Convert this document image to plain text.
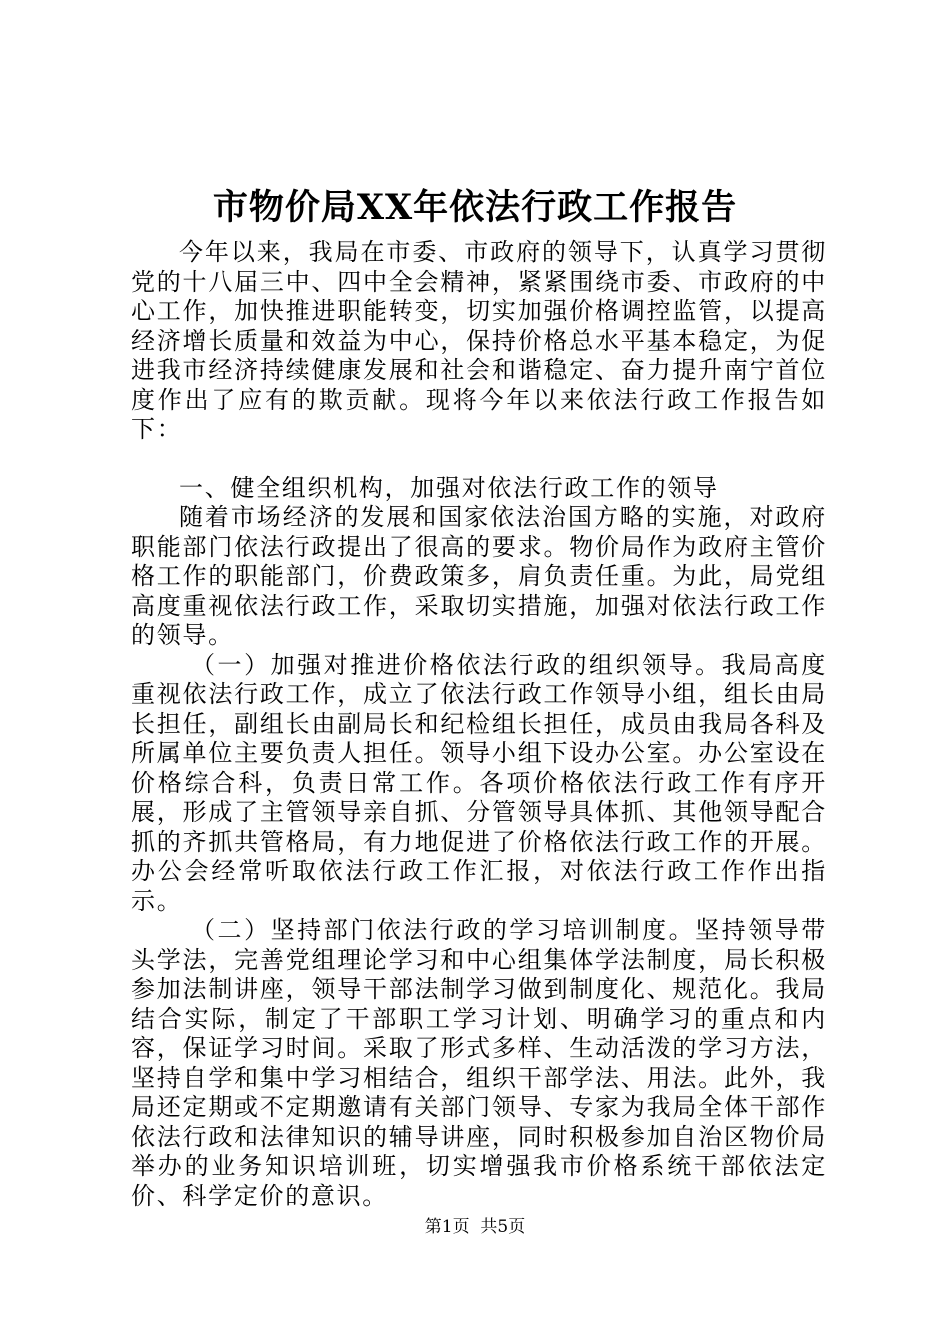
市物价局XX年依法行政工作报告

今年以来，我局在市委、市政府的领导下，认真学习贯彻党的十八届三中、四中全会精神，紧紧围绕市委、市政府的中心工作，加快推进职能转变，切实加强价格调控监管，以提高经济增长质量和效益为中心，保持价格总水平基本稳定，为促进我市经济持续健康发展和社会和谐稳定、奋力提升南宁首位度作出了应有的欺贡献。现将今年以来依法行政工作报告如下：

一、健全组织机构，加强对依法行政工作的领导

随着市场经济的发展和国家依法治国方略的实施，对政府职能部门依法行政提出了很高的要求。物价局作为政府主管价格工作的职能部门，价费政策多，肩负责任重。为此，局党组高度重视依法行政工作，采取切实措施，加强对依法行政工作的领导。

（一）加强对推进价格依法行政的组织领导。我局高度重视依法行政工作，成立了依法行政工作领导小组，组长由局长担任，副组长由副局长和纪检组长担任，成员由我局各科及所属单位主要负责人担任。领导小组下设办公室。办公室设在价格综合科，负责日常工作。各项价格依法行政工作有序开展，形成了主管领导亲自抓、分管领导具体抓、其他领导配合抓的齐抓共管格局，有力地促进了价格依法行政工作的开展。办公会经常听取依法行政工作汇报，对依法行政工作作出指示。

（二）坚持部门依法行政的学习培训制度。坚持领导带头学法，完善党组理论学习和中心组集体学法制度，局长积极参加法制讲座，领导干部法制学习做到制度化、规范化。我局结合实际，制定了干部职工学习计划、明确学习的重点和内容，保证学习时间。采取了形式多样、生动活泼的学习方法，坚持自学和集中学习相结合，组织干部学法、用法。此外，我局还定期或不定期邀请有关部门领导、专家为我局全体干部作依法行政和法律知识的辅导讲座，同时积极参加自治区物价局举办的业务知识培训班，切实增强我市价格系统干部依法定价、科学定价的意识。

第1页  共5页
